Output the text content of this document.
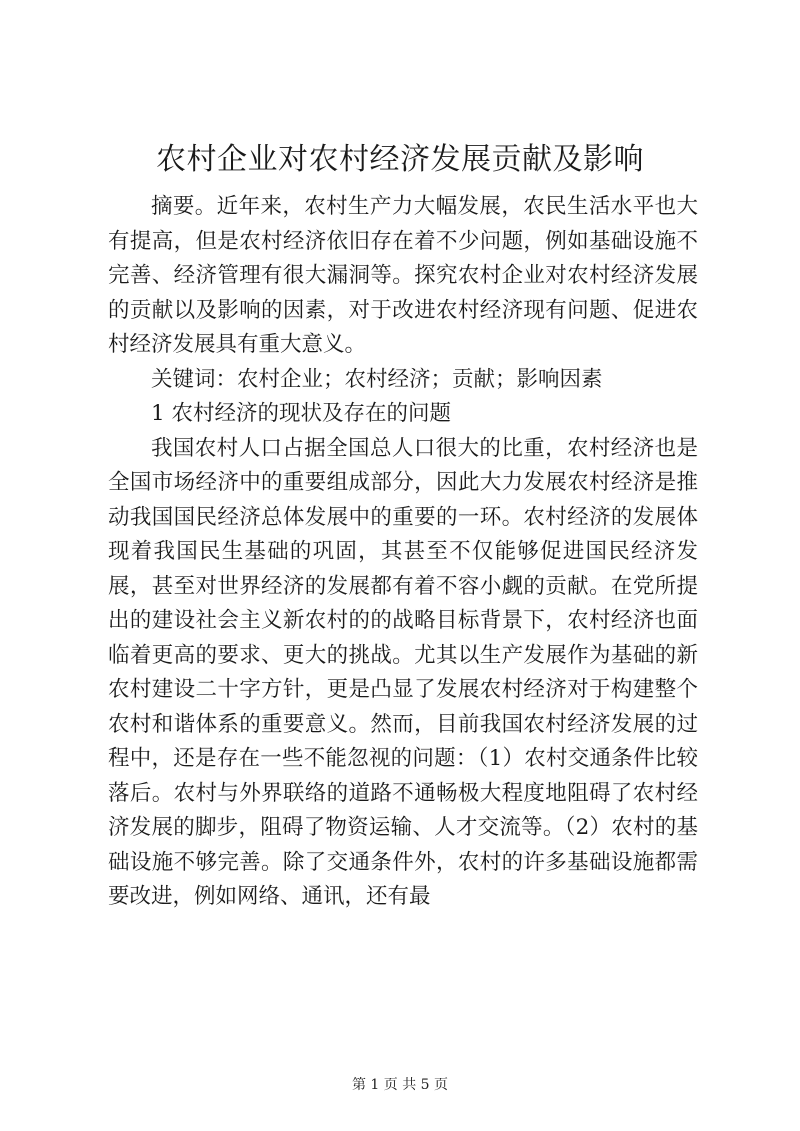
农村企业对农村经济发展贡献及影响

摘要。近年来，农村生产力大幅发展，农民生活水平也大有提高，但是农村经济依旧存在着不少问题，例如基础设施不完善、经济管理有很大漏洞等。探究农村企业对农村经济发展的贡献以及影响的因素，对于改进农村经济现有问题、促进农村经济发展具有重大意义。

关键词：农村企业；农村经济；贡献；影响因素

1 农村经济的现状及存在的问题

我国农村人口占据全国总人口很大的比重，农村经济也是全国市场经济中的重要组成部分，因此大力发展农村经济是推动我国国民经济总体发展中的重要的一环。农村经济的发展体现着我国民生基础的巩固，其甚至不仅能够促进国民经济发展，甚至对世界经济的发展都有着不容小觑的贡献。在党所提出的建设社会主义新农村的的战略目标背景下，农村经济也面临着更高的要求、更大的挑战。尤其以生产发展作为基础的新农村建设二十字方针，更是凸显了发展农村经济对于构建整个农村和谐体系的重要意义。然而，目前我国农村经济发展的过程中，还是存在一些不能忽视的问题：（1）农村交通条件比较落后。农村与外界联络的道路不通畅极大程度地阻碍了农村经济发展的脚步，阻碍了物资运输、人才交流等。（2）农村的基础设施不够完善。除了交通条件外，农村的许多基础设施都需要改进，例如网络、通讯，还有最

第 1 页 共 5 页
